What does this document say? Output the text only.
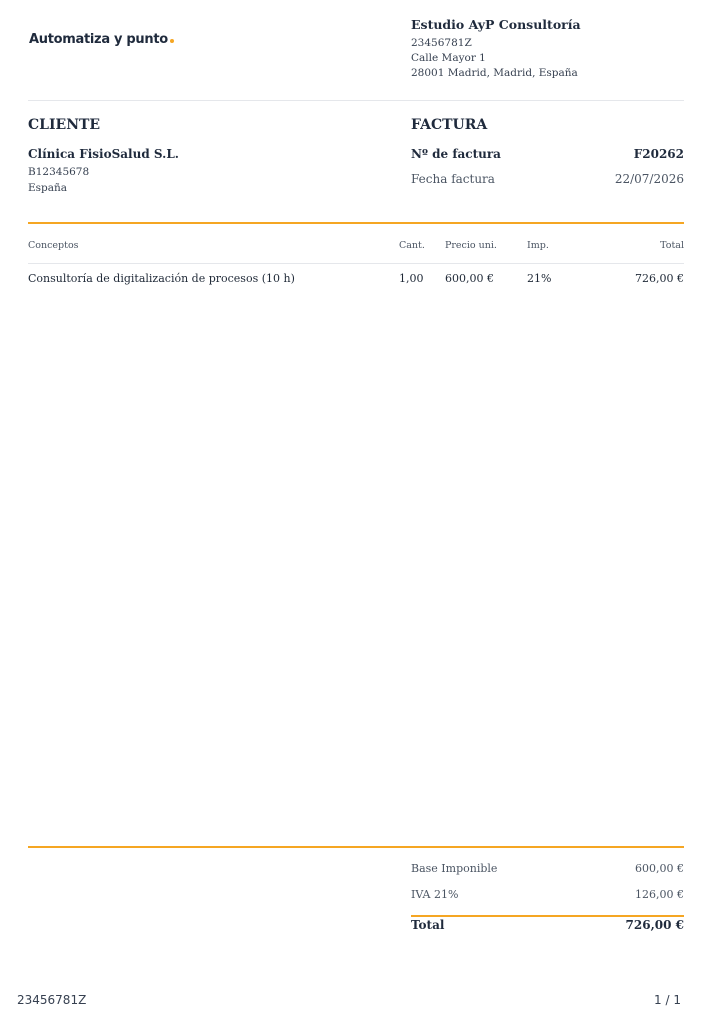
Automatiza y punto
Estudio AyP Consultoría
23456781Z
Calle Mayor 1
28001 Madrid, Madrid, España
CLIENTE
Clínica FisioSalud S.L.
B12345678
España
FACTURA
Nº de factura	F20262
Fecha factura	22/07/2026
Conceptos	Cant. Precio uni.	Imp.	Total
Consultoría de digitalización de procesos (10 h)	1,00 600,00 €	21%	726,00 €
Base Imponible	600,00 €
IVA 21%	126,00 €
Total	726,00 €
23456781Z	1 / 1
